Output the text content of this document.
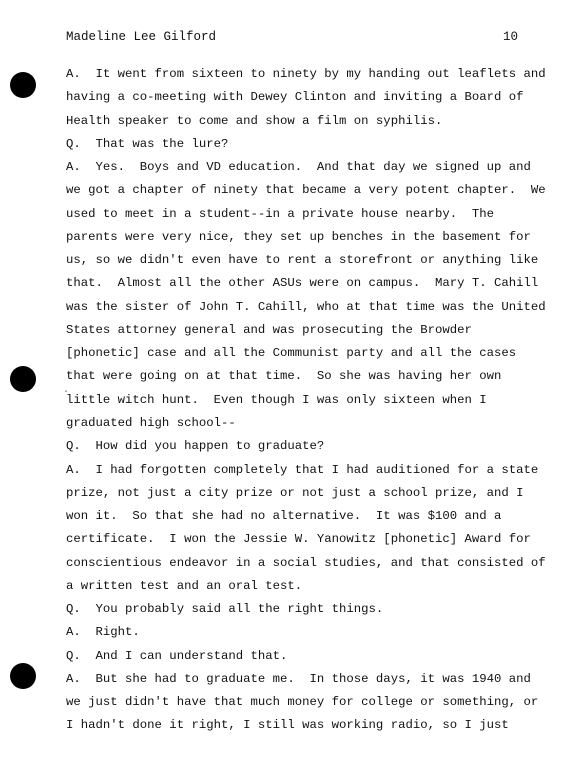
·
Madeline Lee Gilford	10
A.  It went from sixteen to ninety by my handing out leaflets and
having a co-meeting with Dewey Clinton and inviting a Board of
Health speaker to come and show a film on syphilis.
Q.  That was the lure?
A.  Yes.  Boys and VD education.  And that day we signed up and
we got a chapter of ninety that became a very potent chapter.  We
used to meet in a student--in a private house nearby.  The
parents were very nice, they set up benches in the basement for
us, so we didn't even have to rent a storefront or anything like
that.  Almost all the other ASUs were on campus.  Mary T. Cahill
was the sister of John T. Cahill, who at that time was the United
States attorney general and was prosecuting the Browder
[phonetic] case and all the Communist party and all the cases
that were going on at that time.  So she was having her own
little witch hunt.  Even though I was only sixteen when I
graduated high school--
Q.  How did you happen to graduate?
A.  I had forgotten completely that I had auditioned for a state
prize, not just a city prize or not just a school prize, and I
won it.  So that she had no alternative.  It was $100 and a
certificate.  I won the Jessie W. Yanowitz [phonetic] Award for
conscientious endeavor in a social studies, and that consisted of
a written test and an oral test.
Q.  You probably said all the right things.
A.  Right.
Q.  And I can understand that.
A.  But she had to graduate me.  In those days, it was 1940 and
we just didn't have that much money for college or something, or
I hadn't done it right, I still was working radio, so I just
